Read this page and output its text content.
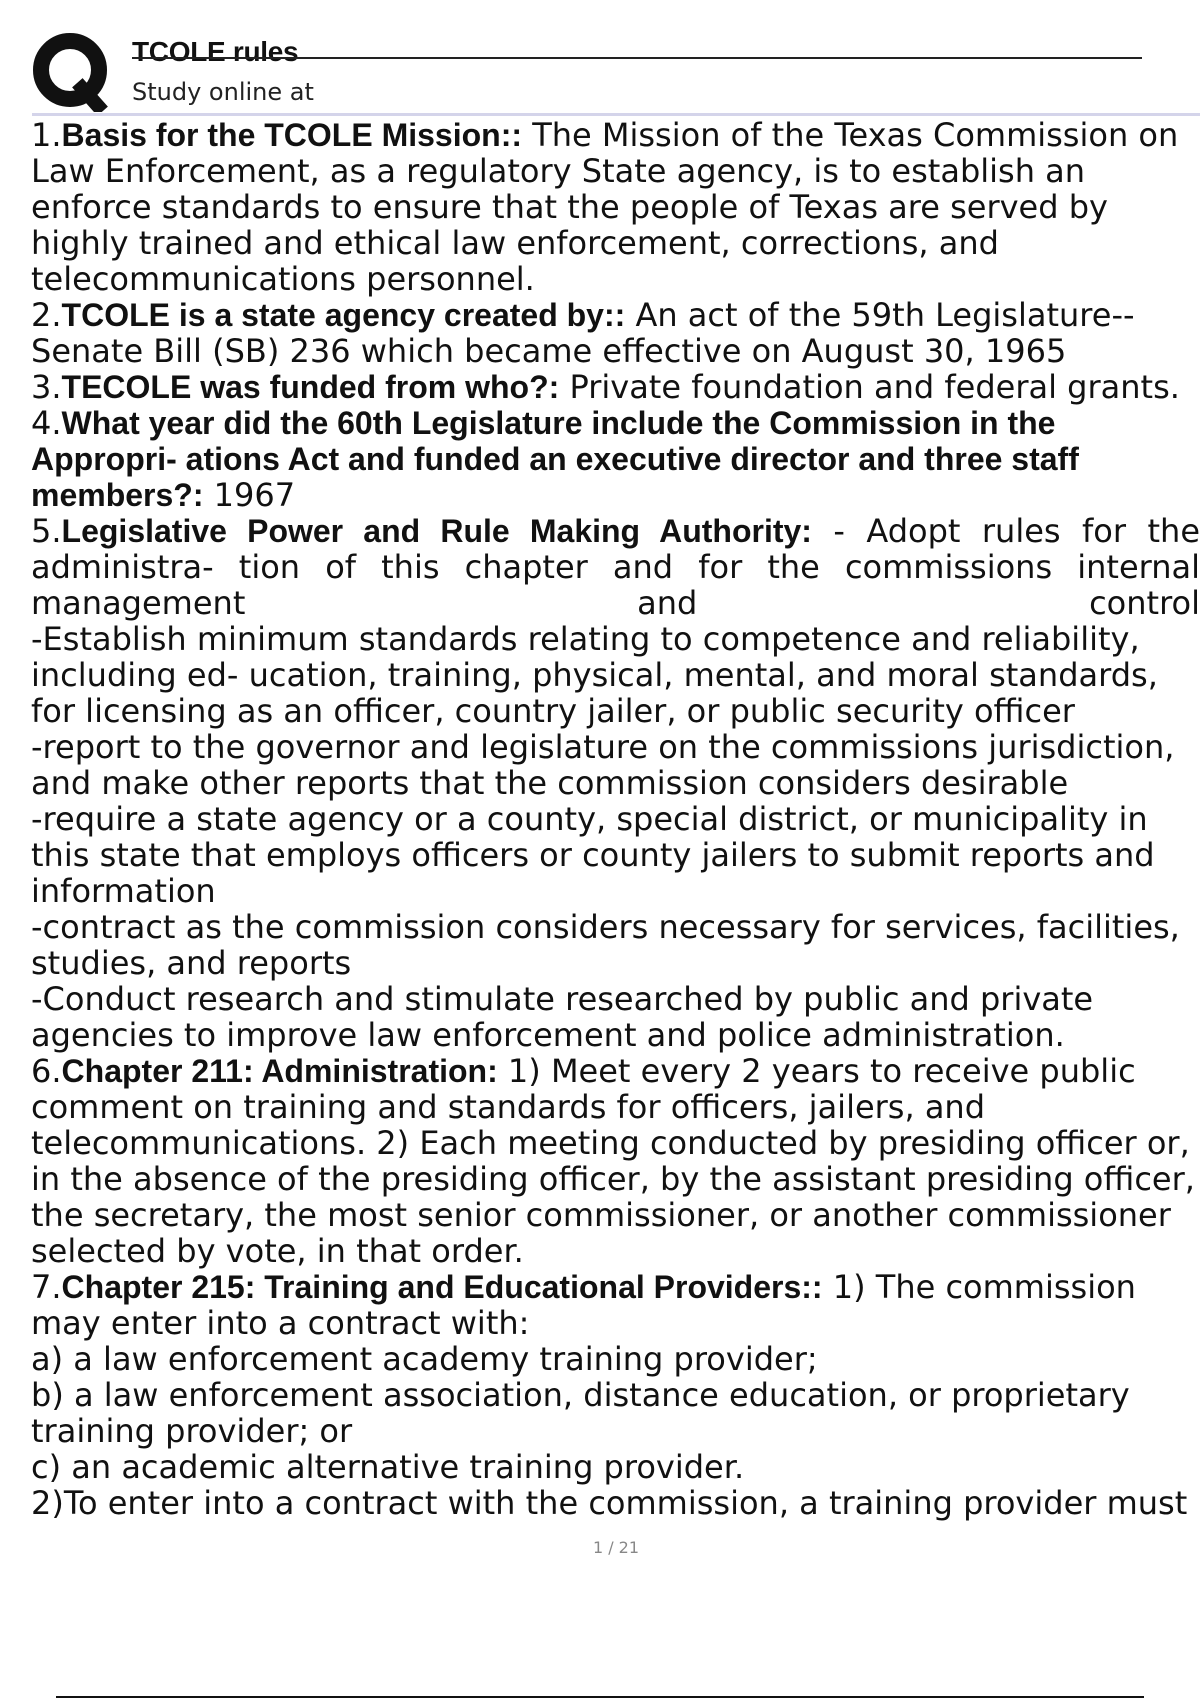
TCOLE rules
Study online at

1.Basis for the TCOLE Mission:: The Mission of the Texas Commission on Law Enforcement, as a regulatory State agency, is to establish an enforce standards to ensure that the people of Texas are served by highly trained and ethical law enforcement, corrections, and telecommunications personnel.

2.TCOLE is a state agency created by:: An act of the 59th Legislature--Senate Bill (SB) 236 which became effective on August 30, 1965

3.TECOLE was funded from who?: Private foundation and federal grants.

4.What year did the 60th Legislature include the Commission in the Appropri- ations Act and funded an executive director and three staff members?: 1967

5.Legislative Power and Rule Making Authority: - Adopt rules for the administra- tion of this chapter and for the commissions internal management and control

-Establish minimum standards relating to competence and reliability, including ed- ucation, training, physical, mental, and moral standards, for licensing as an officer, country jailer, or public security officer
-report to the governor and legislature on the commissions jurisdiction, and make other reports that the commission considers desirable
-require a state agency or a county, special district, or municipality in this state that employs officers or county jailers to submit reports and information
-contract as the commission considers necessary for services, facilities, studies, and reports
-Conduct research and stimulate researched by public and private agencies to improve law enforcement and police administration.

6.Chapter 211: Administration: 1) Meet every 2 years to receive public comment on training and standards for officers, jailers, and telecommunications. 2) Each meeting conducted by presiding officer or, in the absence of the presiding officer, by the assistant presiding officer, the secretary, the most senior commissioner, or another commissioner selected by vote, in that order.

7.Chapter 215: Training and Educational Providers:: 1) The commission may enter into a contract with:
a) a law enforcement academy training provider;
b) a law enforcement association, distance education, or proprietary training provider; or
c) an academic alternative training provider.
2)To enter into a contract with the commission, a training provider must
1 / 21
